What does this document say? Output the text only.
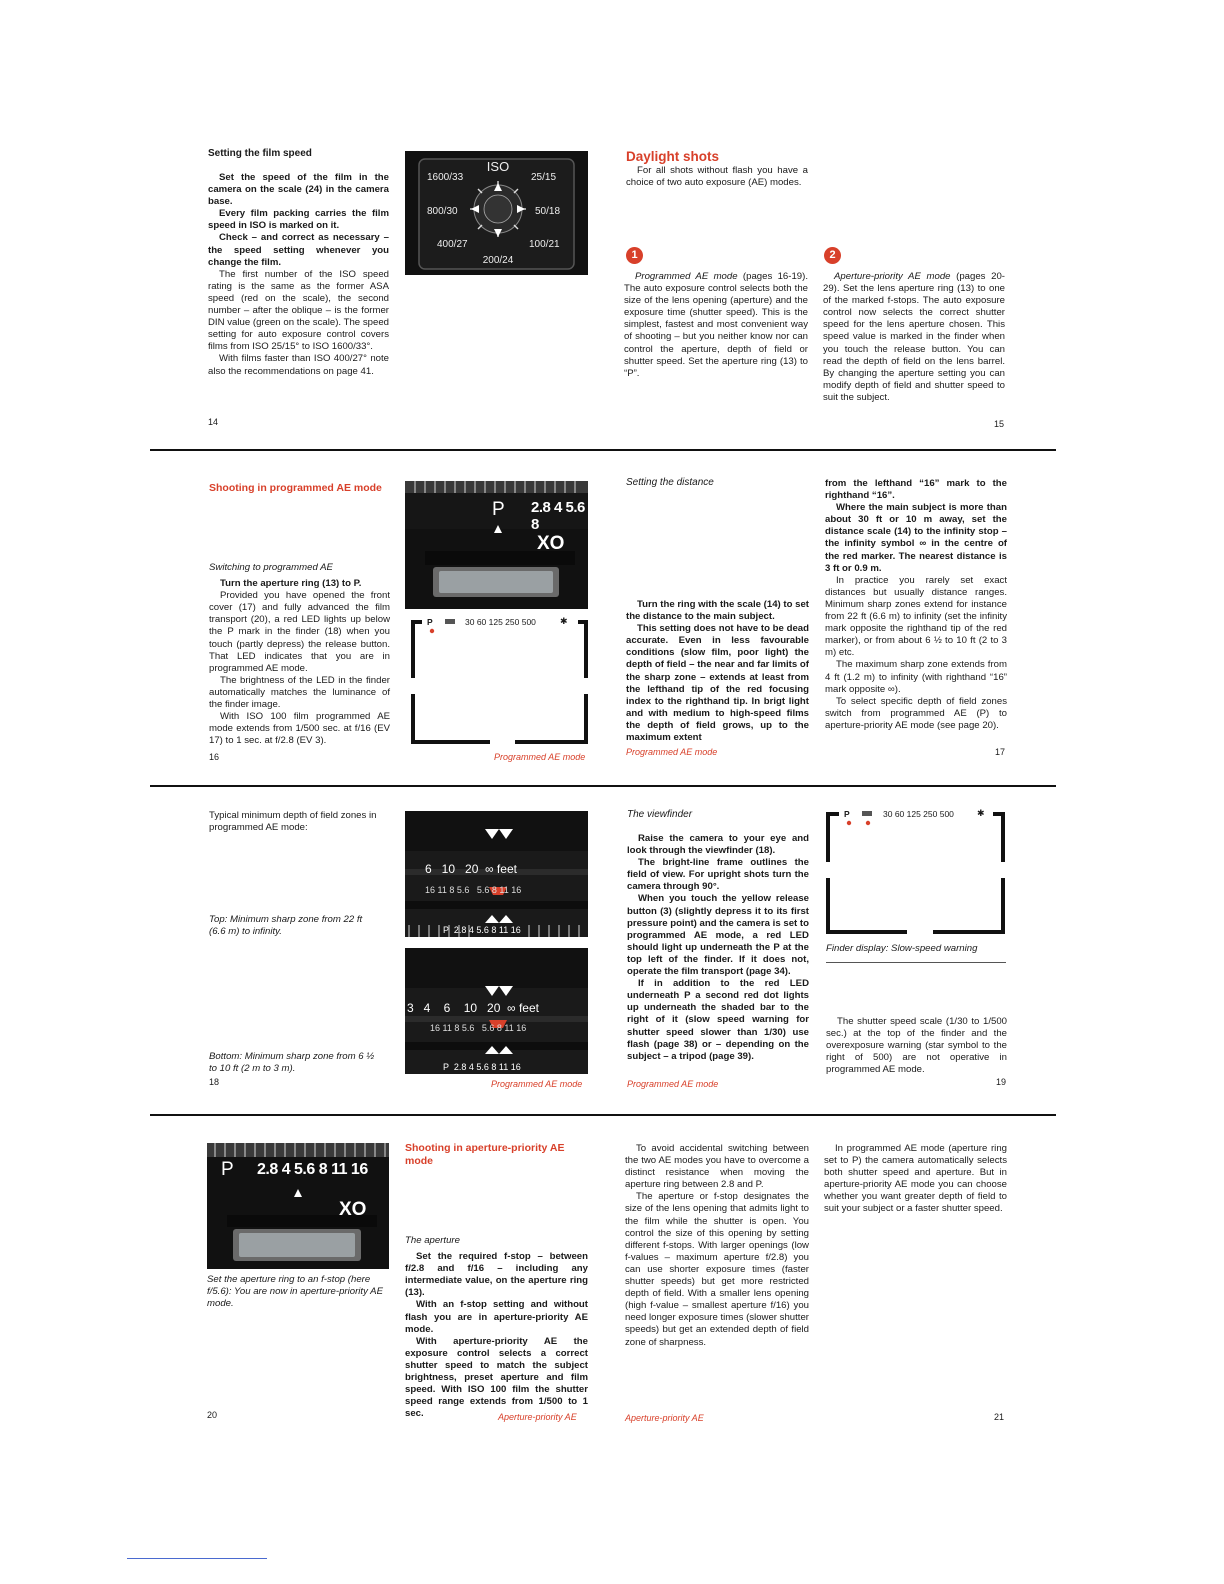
Setting the film speed

Set the speed of the film in the camera on the scale (24) in the camera base.

Every film packing carries the film speed in ISO is marked on it.

Check – and correct as necessary – the speed setting whenever you change the film.

The first number of the ISO speed rating is the same as the former ASA speed (red on the scale), the second number – after the oblique – is the former DIN value (green on the scale). The speed setting for auto exposure control covers films from ISO 25/15° to ISO 1600/33°.

With films faster than ISO 400/27° note also the recommendations on page 41.

14
ISO
1600/33
800/30
400/27
200/24
25/15
50/18
100/21
Daylight shots

For all shots without flash you have a choice of two auto exposure (AE) modes.

1	2

Programmed AE mode (pages 16-19). The auto exposure control selects both the size of the lens opening (aperture) and the exposure time (shutter speed). This is the simplest, fastest and most convenient way of shooting – but you neither know nor can control the aperture, depth of field or shutter speed. Set the aperture ring (13) to “P”.

Aperture-priority AE mode (pages 20-29). Set the lens aperture ring (13) to one of the marked f-stops. The auto exposure control now selects the correct shutter speed for the lens aperture chosen. This speed value is marked in the finder when you touch the release button. You can read the depth of field on the lens barrel. By changing the aperture setting you can modify depth of field and shutter speed to suit the subject.

15
Shooting in programmed AE mode

Switching to programmed AE

Turn the aperture ring (13) to P.

Provided you have opened the front cover (17) and fully advanced the film transport (20), a red LED lights up below the P mark in the finder (18) when you touch (partly depress) the release button. That LED indicates that you are in programmed AE mode.

The brightness of the LED in the finder automatically matches the luminance of the finder image.

With ISO 100 film programmed AE mode extends from 1/500 sec. at f/16 (EV 17) to 1 sec. at f/2.8 (EV 3).

16
XO
P 2.8 4 5.6 8
P	30 60 125 250 500	✱
Programmed AE mode
Setting the distance

Turn the ring with the scale (14) to set the distance to the main subject.

This setting does not have to be dead accurate. Even in less favourable conditions (slow film, poor light) the depth of field – the near and far limits of the sharp zone – extends at least from the lefthand tip of the red focusing index to the righthand tip. In brigt light and with medium to high-speed films the depth of field grows, up to the maximum extent

Programmed AE mode

from the lefthand “16” mark to the righthand “16”.

Where the main subject is more than about 30 ft or 10 m away, set the distance scale (14) to the infinity stop – the infinity symbol ∞ in the centre of the red marker. The nearest distance is 3 ft or 0.9 m.

In practice you rarely set exact distances but usually distance ranges. Minimum sharp zones extend for instance from 22 ft (6.6 m) to infinity (set the infinity mark opposite the righthand tip of the red marker), or from about 6 ½ to 10 ft (2 to 3 m) etc.

The maximum sharp zone extends from 4 ft (1.2 m) to infinity (with righthand “16” mark opposite ∞).

To select specific depth of field zones switch from programmed AE (P) to aperture-priority AE mode (see page 20).

17

Typical minimum depth of field zones in programmed AE mode:

Top: Minimum sharp zone from 22 ft (6.6 m) to infinity.
Bottom: Minimum sharp zone from 6 ½ to 10 ft (2 m to 3 m).
18
6   10   20  ∞ feet
16 11 8 5.6   5.6 8 11 16
P  2.8 4 5.6 8 11 16
3   4    6    10   20  ∞ feet
16 11 8 5.6   5.6 8 11 16
P  2.8 4 5.6 8 11 16
Programmed AE mode
The viewfinder

Raise the camera to your eye and look through the viewfinder (18).

The bright-line frame outlines the field of view. For upright shots turn the camera through 90°.

When you touch the yellow release button (3) (slightly depress it to its first pressure point) and the camera is set to programmed AE mode, a red LED should light up underneath the P at the top left of the finder. If it does not, operate the film transport (page 34).

If in addition to the red LED underneath P a second red dot lights up underneath the shaded bar to the right of it (slow speed warning for shutter speed slower than 1/30) use flash (page 38) or – depending on the subject – a tripod (page 39).

Programmed AE mode
P	30 60 125 250 500	✱
Finder display: Slow-speed warning

The shutter speed scale (1/30 to 1/500 sec.) at the top of the finder and the overexposure warning (star symbol to the right of 500) are not operative in programmed AE mode.

19
XO
P 2.8 4 5.6 8 11 16
Set the aperture ring to an f-stop (here f/5.6): You are now in aperture-priority AE mode.
20
Shooting in aperture-priority AE mode

The aperture

Set the required f-stop – between f/2.8 and f/16 – including any intermediate value, on the aperture ring (13).

With an f-stop setting and without flash you are in aperture-priority AE mode.

With aperture-priority AE the exposure control selects a correct shutter speed to match the subject brightness, preset aperture and film speed. With ISO 100 film the shutter speed range extends from 1/500 to 1 sec.	Aperture-priority AE

To avoid accidental switching between the two AE modes you have to overcome a distinct resistance when moving the aperture ring between 2.8 and P.

The aperture or f-stop designates the size of the lens opening that admits light to the film while the shutter is open. You control the size of this opening by setting different f-stops. With larger openings (low f-values – maximum aperture f/2.8) you can use shorter exposure times (faster shutter speeds) but get more restricted depth of field. With a smaller lens opening (high f-value – smallest aperture f/16) you need longer exposure times (slower shutter speeds) but get an extended depth of field zone of sharpness.

In programmed AE mode (aperture ring set to P) the camera automatically selects both shutter speed and aperture. But in aperture-priority AE mode you can choose whether you want greater depth of field to suit your subject or a faster shutter speed.

Aperture-priority AE	21
